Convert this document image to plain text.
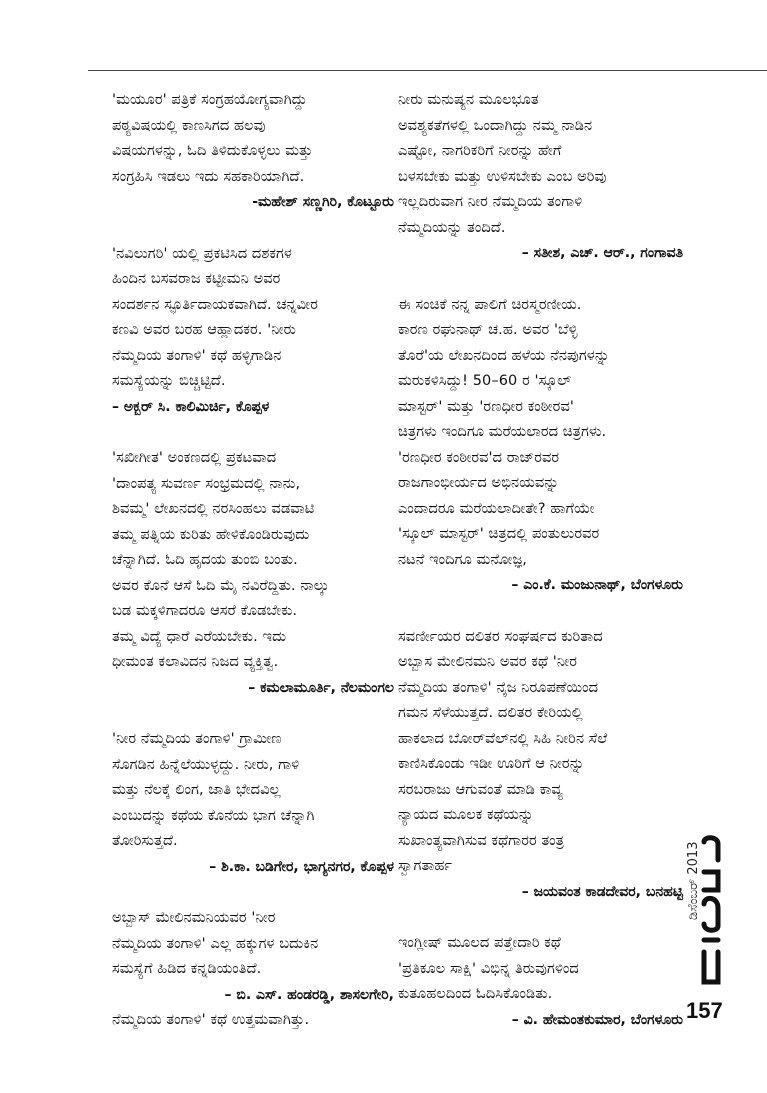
'ಮಯೂರ' ಪತ್ರಿಕೆ ಸಂಗ್ರಹಯೋಗ್ಯವಾಗಿದ್ದು
ಪಠ್ಯವಿಷಯಲ್ಲಿ ಕಾಣಸಿಗದ ಹಲವು
ವಿಷಯಗಳನ್ನು, ಓದಿ ತಿಳಿದುಕೊಳ್ಳಲು ಮತ್ತು
ಸಂಗ್ರಹಿಸಿ ಇಡಲು ಇದು ಸಹಕಾರಿಯಾಗಿದೆ.
-ಮಹೇಶ್ ಸಣ್ಣಗಿರಿ, ಕೊಟ್ಟೂರು
'ನವಿಲುಗರಿ' ಯಲ್ಲಿ ಪ್ರಕಟಿಸಿದ ದಶಕಗಳ
ಹಿಂದಿನ ಬಸವರಾಜ ಕಟ್ಟೀಮನಿ ಅವರ
ಸಂದರ್ಶನ ಸ್ಫೂರ್ತಿದಾಯಕವಾಗಿದೆ. ಚನ್ನವೀರ
ಕಣವಿ ಅವರ ಬರಹ ಆಹ್ಲಾದಕರ. 'ನೀರು
ನೆಮ್ಮದಿಯ ತಂಗಾಳಿ' ಕಥೆ ಹಳ್ಳಿಗಾಡಿನ
ಸಮಸ್ಯೆಯನ್ನು ಬಿಚ್ಚಿಟ್ಟಿದೆ.
– ಅಕ್ಬರ್ ಸಿ. ಕಾಲಿಮಿರ್ಚಿ, ಕೊಪ್ಪಳ
'ಸಖೀಗೀತ' ಅಂಕಣದಲ್ಲಿ ಪ್ರಕಟವಾದ
'ದಾಂಪತ್ಯ ಸುವರ್ಣ ಸಂಭ್ರಮದಲ್ಲಿ ನಾನು,
ಶಿವಮ್ಮ' ಲೇಖನದಲ್ಲಿ ನರಸಿಂಹಲು ವಡವಾಟಿ
ತಮ್ಮ ಪತ್ನಿಯ ಕುರಿತು ಹೇಳಿಕೊಂಡಿರುವುದು
ಚೆನ್ನಾಗಿದೆ. ಓದಿ ಹೃದಯ ತುಂಬಿ ಬಂತು.
ಅವರ ಕೊನೆ ಆಸೆ ಓದಿ ಮೈ ನವಿರೆದ್ದಿತು. ನಾಲ್ಕು
ಬಡ ಮಕ್ಕಳಿಗಾದರೂ ಆಸರೆ ಕೊಡಬೇಕು.
ತಮ್ಮ ವಿದ್ಯೆ ಧಾರೆ ಎರೆಯಬೇಕು. ಇದು
ಧೀಮಂತ ಕಲಾವಿದನ ನಿಜದ ವ್ಯಕ್ತಿತ್ವ.
– ಕಮಲಾಮೂರ್ತಿ, ನೆಲಮಂಗಲ
'ನೀರ ನೆಮ್ಮದಿಯ ತಂಗಾಳಿ' ಗ್ರಾಮೀಣ
ಸೊಗಡಿನ ಹಿನ್ನೆಲೆಯುಳ್ಳದ್ದು. ನೀರು, ಗಾಳಿ
ಮತ್ತು ನೆಲಕ್ಕೆ ಲಿಂಗ, ಜಾತಿ ಭೇದವಿಲ್ಲ
ಎಂಬುದನ್ನು ಕಥೆಯ ಕೊನೆಯ ಭಾಗ ಚೆನ್ನಾಗಿ
ತೋರಿಸುತ್ತದೆ.
– ಶಿ.ಕಾ. ಬಡಿಗೇರ, ಭಾಗ್ಯನಗರ, ಕೊಪ್ಪಳ
ಅಬ್ಬಾಸ್ ಮೇಲಿನಮನಿಯವರ 'ನೀರ
ನೆಮ್ಮದಿಯ ತಂಗಾಳಿ' ಎಲ್ಲ ಹಕ್ಕುಗಳ ಬದುಕಿನ
ಸಮಸ್ಯೆಗೆ ಹಿಡಿದ ಕನ್ನಡಿಯಂತಿದೆ.
– ಬಿ. ಎಸ್. ಹಂಡರಡ್ಡಿ, ಶಾಸಲಗೇರಿ,
ನೆಮ್ಮದಿಯ ತಂಗಾಳಿ' ಕಥೆ ಉತ್ತಮವಾಗಿತ್ತು.
ನೀರು ಮನುಷ್ಯನ ಮೂಲಭೂತ
ಅವಶ್ಯಕತೆಗಳಲ್ಲಿ ಒಂದಾಗಿದ್ದು ನಮ್ಮ ನಾಡಿನ
ಎಷ್ಟೋ, ನಾಗರಿಕರಿಗೆ ನೀರನ್ನು ಹೇಗೆ
ಬಳಸಬೇಕು ಮತ್ತು ಉಳಿಸಬೇಕು ಎಂಬ ಅರಿವು
ಇಲ್ಲದಿರುವಾಗ ನೀರ ನೆಮ್ಮದಿಯ ತಂಗಾಳಿ
ನೆಮ್ಮದಿಯನ್ನು ತಂದಿದೆ.
– ಸತೀಶ, ಎಚ್. ಆರ್., ಗಂಗಾವತಿ
ಈ ಸಂಚಿಕೆ ನನ್ನ ಪಾಲಿಗೆ ಚಿರಸ್ಮರಣೀಯ.
ಕಾರಣ ರಘುನಾಥ್ ಚ.ಹ. ಅವರ 'ಬೆಳ್ಳಿ
ತೊರೆ'ಯ ಲೇಖನದಿಂದ ಹಳೆಯ ನೆನಪುಗಳನ್ನು
ಮರುಕಳಿಸಿದ್ದು! 50–60 ರ 'ಸ್ಕೂಲ್
ಮಾಸ್ಟರ್' ಮತ್ತು 'ರಣಧೀರ ಕಂಠೀರವ'
ಚಿತ್ರಗಳು ಇಂದಿಗೂ ಮರೆಯಲಾರದ ಚಿತ್ರಗಳು.
'ರಣಧೀರ ಕಂಠೀರವ'ದ ರಾಜ್‌ರವರ
ರಾಜಗಾಂಭೀರ್ಯದ ಅಭಿನಯವನ್ನು
ಎಂದಾದರೂ ಮರೆಯಲಾದೀತೇ? ಹಾಗೆಯೇ
'ಸ್ಕೂಲ್ ಮಾಸ್ಟರ್' ಚಿತ್ರದಲ್ಲಿ ಪಂತುಲುರವರ
ನಟನೆ ಇಂದಿಗೂ ಮನೋಜ್ಞ,
– ಎಂ.ಕೆ. ಮಂಜುನಾಥ್, ಬೆಂಗಳೂರು
ಸವರ್ಣೀಯರ ದಲಿತರ ಸಂಘರ್ಷದ ಕುರಿತಾದ
ಅಬ್ಬಾಸ ಮೇಲಿನಮನಿ ಅವರ ಕಥೆ 'ನೀರ
ನೆಮ್ಮದಿಯ ತಂಗಾಳಿ' ನೈಜ ನಿರೂಪಣೆಯಿಂದ
ಗಮನ ಸೆಳೆಯುತ್ತದೆ. ದಲಿತರ ಕೇರಿಯಲ್ಲಿ
ಹಾಕಲಾದ ಬೋರ್‌ವೆಲ್‌ನಲ್ಲಿ ಸಿಹಿ ನೀರಿನ ಸೆಲೆ
ಕಾಣಿಸಿಕೊಂಡು ಇಡೀ ಊರಿಗೆ ಆ ನೀರನ್ನು
ಸರಬರಾಜು ಆಗುವಂತೆ ಮಾಡಿ ಕಾವ್ಯ
ನ್ಯಾಯದ ಮೂಲಕ ಕಥೆಯನ್ನು
ಸುಖಾಂತ್ಯವಾಗಿಸುವ ಕಥೆಗಾರರ ತಂತ್ರ
ಸ್ವಾಗತಾರ್ಹ
– ಜಯವಂತ ಕಾಡದೇವರ, ಬನಹಟ್ಟಿ
ಇಂಗ್ಲೀಷ್ ಮೂಲದ ಪತ್ತೇದಾರಿ ಕಥೆ
'ಪ್ರತಿಕೂಲ ಸಾಕ್ಷಿ' ವಿಭಿನ್ನ ತಿರುವುಗಳಿಂದ
ಕುತೂಹಲದಿಂದ ಓದಿಸಿಕೊಂಡಿತು.
– ವಿ. ಹೇಮಂತಕುಮಾರ, ಬೆಂಗಳೂರು
ಡಿಸೆಂಬರ್ 2013
157
